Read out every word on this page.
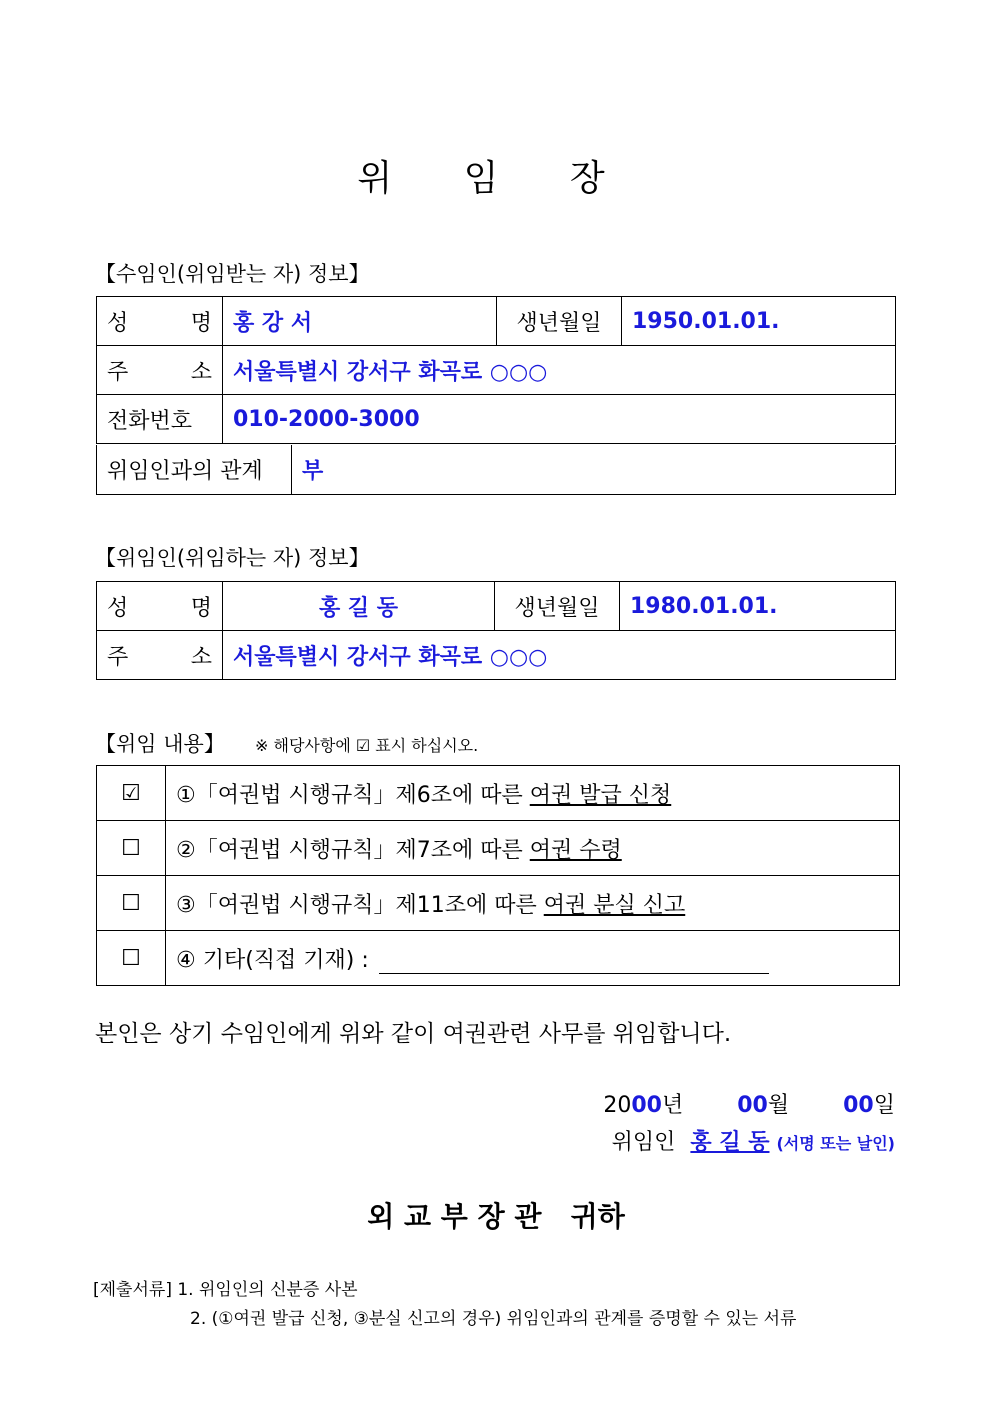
위 임 장
【수임인(위임받는 자) 정보】
성 명	홍 강 서	생년월일	1950.01.01.

주 소	서울특별시 강서구 화곡로 ○○○		
전화번호	010-2000-3000		
위임인과의 관계	부
【위임인(위임하는 자) 정보】
성 명	홍 길 동	생년월일	1980.01.01.

주 소	서울특별시 강서구 화곡로 ○○○		
【위임 내용】 ※ 해당사항에 ☑ 표시 하십시오.
☑	①「여권법 시행규칙」제6조에 따른 여권 발급 신청
☐	②「여권법 시행규칙」제7조에 따른 여권 수령
☐	③「여권법 시행규칙」제11조에 따른 여권 분실 신고
☐	④ 기타(직접 기재) :
본인은 상기 수임인에게 위와 같이 여권관련 사무를 위임합니다.
2000년 00월 00일
위임인 홍 길 동 (서명 또는 날인)
외 교 부 장 관   귀하
[제출서류] 1. 위임인의 신분증 사본
2. (①여권 발급 신청, ③분실 신고의 경우) 위임인과의 관계를 증명할 수 있는 서류
